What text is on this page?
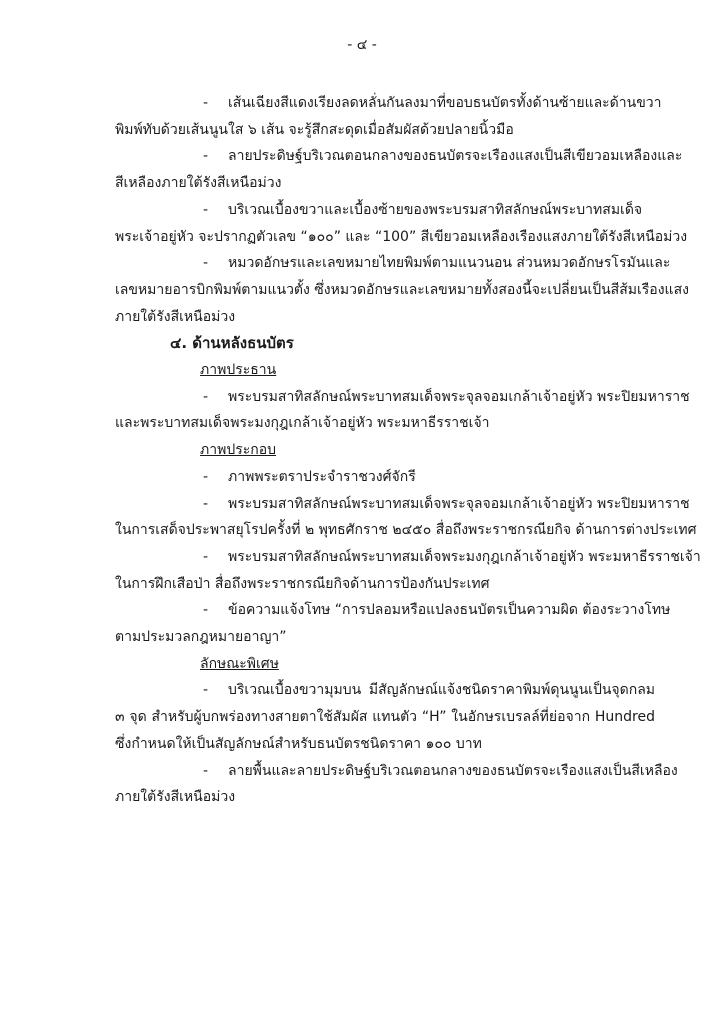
- ๔ -
- เส้นเฉียงสีแดงเรียงลดหลั่นกันลงมาที่ขอบธนบัตรทั้งด้านซ้ายและด้านขวา
พิมพ์ทับด้วยเส้นนูนใส ๖ เส้น จะรู้สึกสะดุดเมื่อสัมผัสด้วยปลายนิ้วมือ
- ลายประดิษฐ์บริเวณตอนกลางของธนบัตรจะเรืองแสงเป็นสีเขียวอมเหลืองและ
สีเหลืองภายใต้รังสีเหนือม่วง
- บริเวณเบื้องขวาและเบื้องซ้ายของพระบรมสาทิสลักษณ์พระบาทสมเด็จ
พระเจ้าอยู่หัว จะปรากฏตัวเลข “๑๐๐” และ “100” สีเขียวอมเหลืองเรืองแสงภายใต้รังสีเหนือม่วง
- หมวดอักษรและเลขหมายไทยพิมพ์ตามแนวนอน ส่วนหมวดอักษรโรมันและ
เลขหมายอารบิกพิมพ์ตามแนวตั้ง ซึ่งหมวดอักษรและเลขหมายทั้งสองนี้จะเปลี่ยนเป็นสีส้มเรืองแสง
ภายใต้รังสีเหนือม่วง
๔. ด้านหลังธนบัตร
ภาพประธาน
- พระบรมสาทิสลักษณ์พระบาทสมเด็จพระจุลจอมเกล้าเจ้าอยู่หัว พระปิยมหาราช
และพระบาทสมเด็จพระมงกุฎเกล้าเจ้าอยู่หัว พระมหาธีรราชเจ้า
ภาพประกอบ
- ภาพพระตราประจำราชวงศ์จักรี
- พระบรมสาทิสลักษณ์พระบาทสมเด็จพระจุลจอมเกล้าเจ้าอยู่หัว พระปิยมหาราช
ในการเสด็จประพาสยุโรปครั้งที่ ๒ พุทธศักราช ๒๔๕๐ สื่อถึงพระราชกรณียกิจ ด้านการต่างประเทศ
- พระบรมสาทิสลักษณ์พระบาทสมเด็จพระมงกุฎเกล้าเจ้าอยู่หัว พระมหาธีรราชเจ้า
ในการฝึกเสือป่า สื่อถึงพระราชกรณียกิจด้านการป้องกันประเทศ
- ข้อความแจ้งโทษ “การปลอมหรือแปลงธนบัตรเป็นความผิด ต้องระวางโทษ
ตามประมวลกฎหมายอาญา”
ลักษณะพิเศษ
- บริเวณเบื้องขวามุมบน มีสัญลักษณ์แจ้งชนิดราคาพิมพ์ดุนนูนเป็นจุดกลม
๓ จุด สำหรับผู้บกพร่องทางสายตาใช้สัมผัส แทนตัว “H” ในอักษรเบรลล์ที่ย่อจาก Hundred
ซึ่งกำหนดให้เป็นสัญลักษณ์สำหรับธนบัตรชนิดราคา ๑๐๐ บาท
- ลายพื้นและลายประดิษฐ์บริเวณตอนกลางของธนบัตรจะเรืองแสงเป็นสีเหลือง
ภายใต้รังสีเหนือม่วง
